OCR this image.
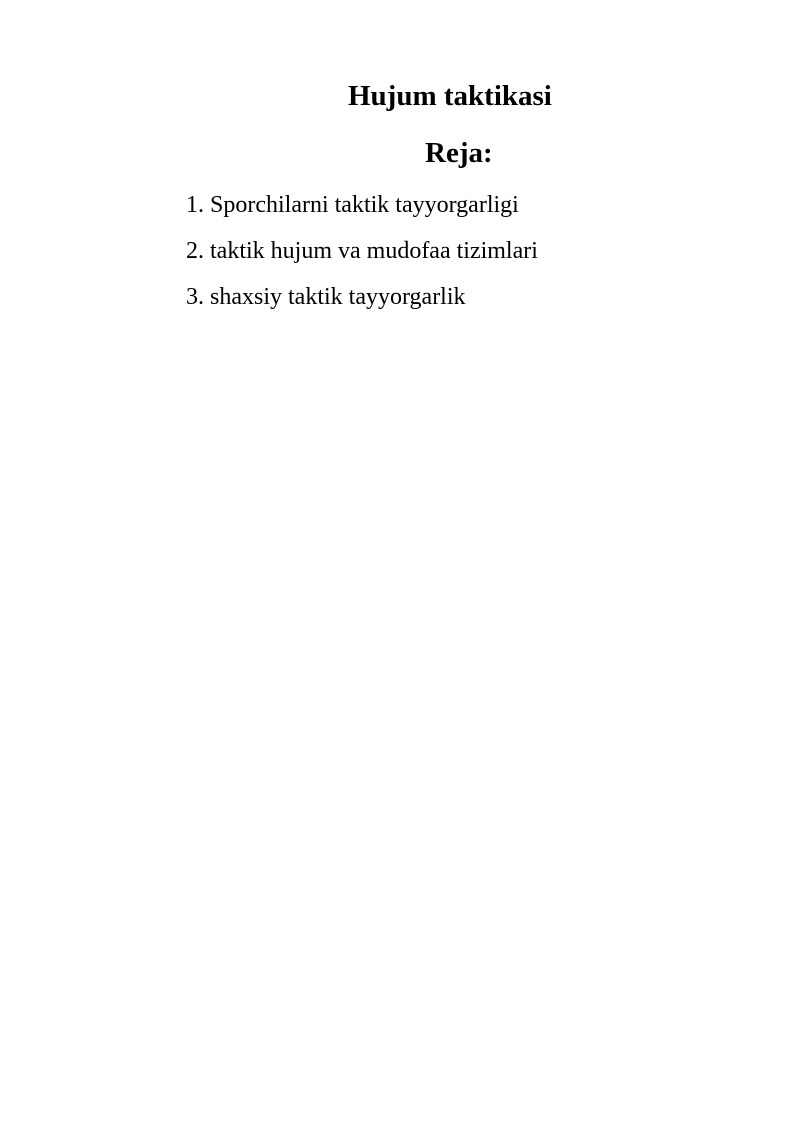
Hujum taktikasi
Reja:
1. Sporchilarni taktik tayyorgarligi
2. taktik hujum va mudofaa tizimlari
3. shaxsiy taktik tayyorgarlik
